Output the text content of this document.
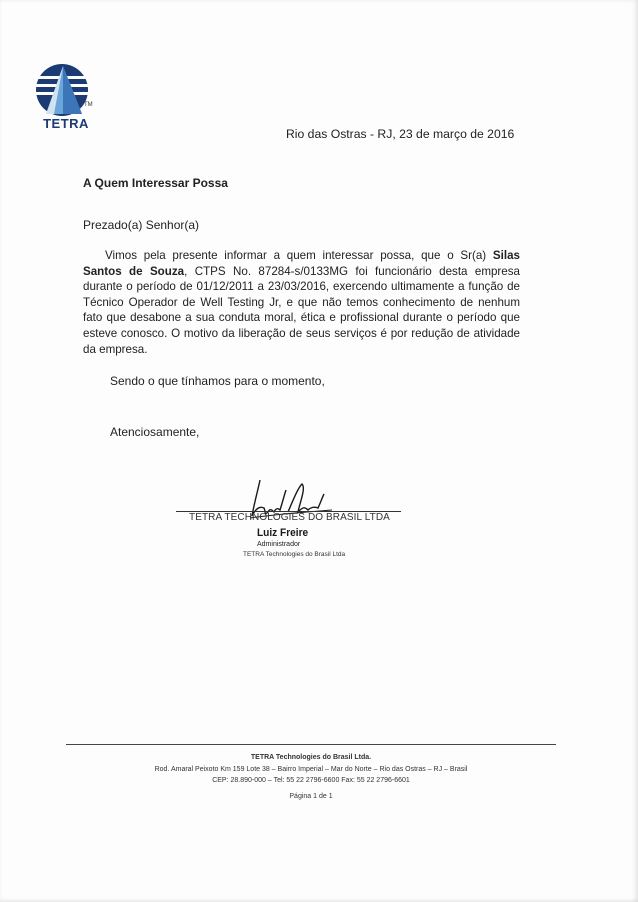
TM
TETRA
Rio das Ostras - RJ, 23 de março de 2016
A Quem Interessar Possa
Prezado(a) Senhor(a)
Vimos pela presente informar a quem interessar possa, que o Sr(a) Silas Santos de Souza, CTPS No. 87284-s/0133MG foi funcionário desta empresa durante o período de 01/12/2011 a 23/03/2016, exercendo ultimamente a função de Técnico Operador de Well Testing Jr, e que não temos conhecimento de nenhum fato que desabone a sua conduta moral, ética e profissional durante o período que esteve conosco. O motivo da liberação de seus serviços é por redução de atividade da empresa.
Sendo o que tínhamos para o momento,
Atenciosamente,
TETRA TECHNOLOGIES DO BRASIL LTDA
Luiz Freire
Administrador
TETRA Technologies do Brasil Ltda
TETRA Technologies do Brasil Ltda.
Rod. Amaral Peixoto Km 159 Lote 38 – Bairro Imperial – Mar do Norte – Rio das Ostras – RJ – Brasil
CEP: 28.890-000 – Tel: 55 22 2796-6600 Fax: 55 22 2796-6601
Página 1 de 1
